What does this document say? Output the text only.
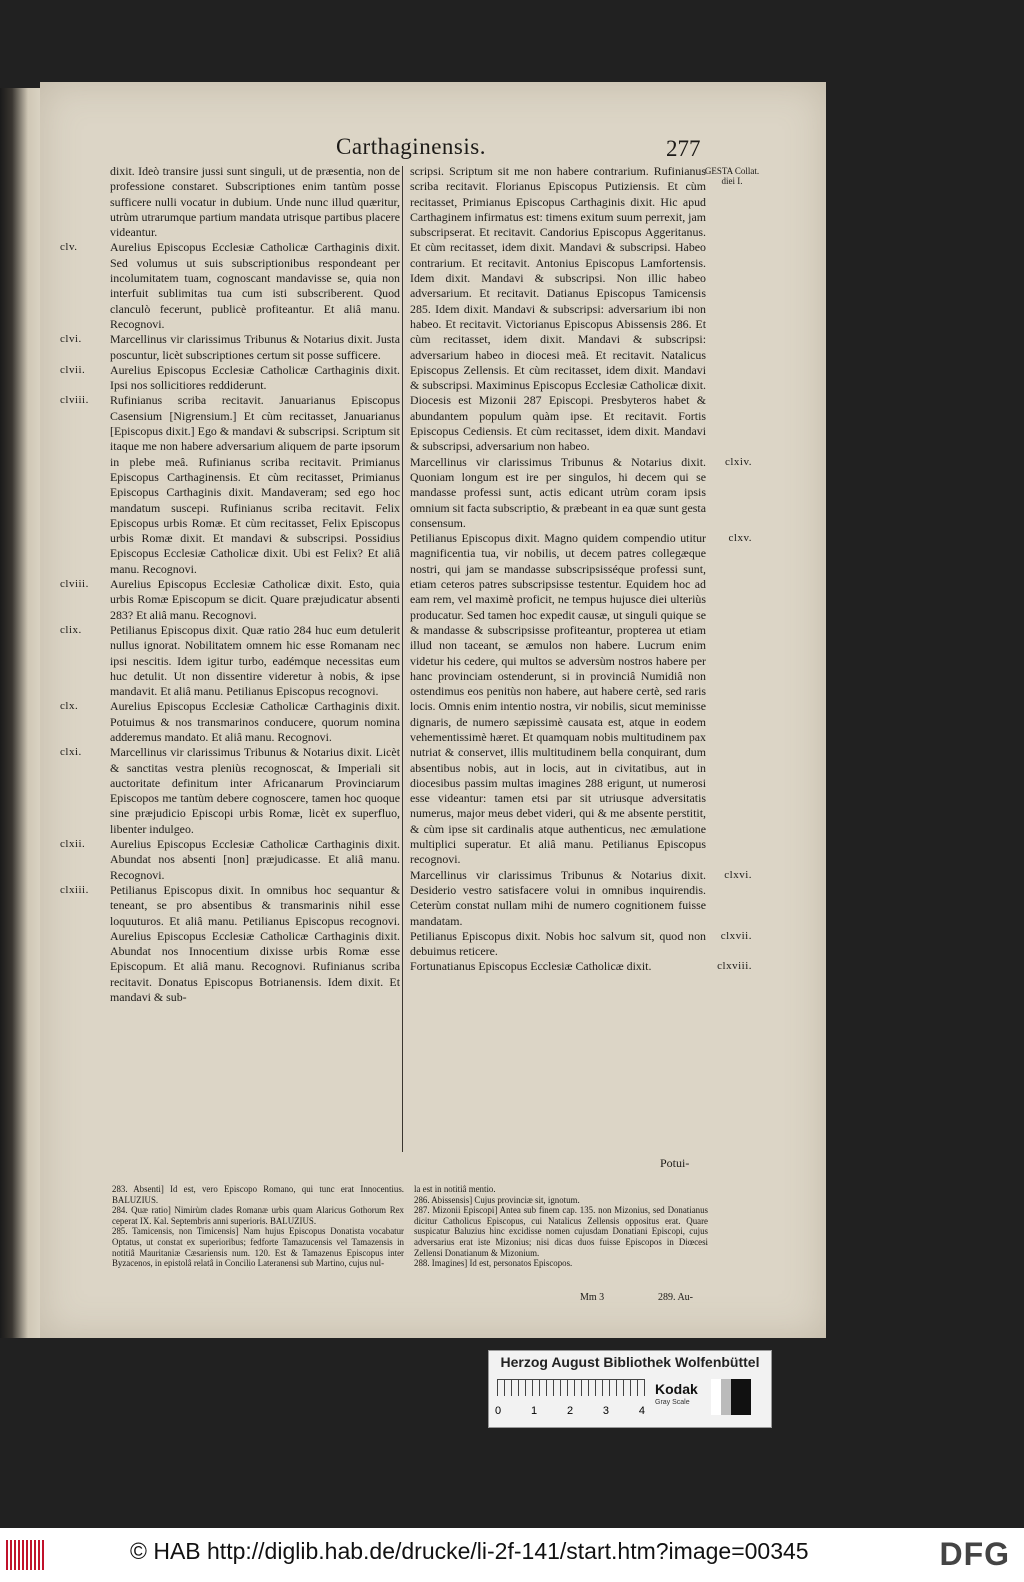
Carthaginensis.	277
GESTA Collat. diei I.

dixit. Ideò transire jussi sunt singuli, ut de præsentia, non de professione constaret. Subscriptiones enim tantùm posse sufficere nulli vocatur in dubium. Unde nunc illud quæritur, utrùm utrarumque partium mandata utrisque partibus placere videantur.

clv.	Aurelius Episcopus Ecclesiæ Catholicæ Carthaginis dixit. Sed volumus ut suis subscriptionibus respondeant per incolumitatem tuam, cognoscant mandavisse se, quia non interfuit sublimitas tua cum isti subscriberent. Quod clanculò fecerunt, publicè profiteantur. Et aliâ manu. Recognovi.

clvi. Marcellinus vir clarissimus Tribunus & Notarius dixit. Justa poscuntur, licèt subscriptiones certum sit posse sufficere.

clvii. Aurelius Episcopus Ecclesiæ Catholicæ Carthaginis dixit. Ipsi nos sollicitiores reddiderunt.

clviii. Rufinianus scriba recitavit. Januarianus Episcopus Casensium [Nigrensium.] Et cùm recitasset, Januarianus [Episcopus dixit.] Ego & mandavi & subscripsi. Scriptum sit itaque me non habere adversarium aliquem de parte ipsorum in plebe meâ. Rufinianus scriba recitavit. Primianus Episcopus Carthaginensis. Et cùm recitasset, Primianus Episcopus Carthaginis dixit. Mandaveram; sed ego hoc mandatum suscepi. Rufinianus scriba recitavit. Felix Episcopus urbis Romæ. Et cùm recitasset, Felix Episcopus urbis Romæ dixit. Et mandavi & subscripsi. Possidius Episcopus Ecclesiæ Catholicæ dixit. Ubi est Felix? Et aliâ manu. Recognovi.

clviii. Aurelius Episcopus Ecclesiæ Catholicæ dixit. Esto, quia urbis Romæ Episcopum se dicit. Quare præjudicatur absenti 283? Et aliâ manu. Recognovi.

clix. Petilianus Episcopus dixit. Quæ ratio 284 huc eum detulerit nullus ignorat. Nobilitatem omnem hic esse Romanam nec ipsi nescitis. Idem igitur turbo, eadémque necessitas eum huc detulit. Ut non dissentire videretur à nobis, & ipse mandavit. Et aliâ manu. Petilianus Episcopus recognovi.

clx.	Aurelius Episcopus Ecclesiæ Catholicæ Carthaginis dixit. Potuimus & nos transmarinos conducere, quorum nomina adderemus mandato. Et aliâ manu. Recognovi.

clxi. Marcellinus vir clarissimus Tribunus & Notarius dixit. Licèt & sanctitas vestra pleniùs recognoscat, & Imperiali sit auctoritate definitum inter Africanarum Provinciarum Episcopos me tantùm debere cognoscere, tamen hoc quoque sine præjudicio Episcopi urbis Romæ, licèt ex superfluo, libenter indulgeo.

clxii. Aurelius Episcopus Ecclesiæ Catholicæ Carthaginis dixit. Abundat nos absenti [non] præjudicasse. Et aliâ manu. Recognovi.

clxiii. Petilianus Episcopus dixit. In omnibus hoc sequantur & teneant, se pro absentibus & transmarinis nihil esse loquuturos. Et aliâ manu. Petilianus Episcopus recognovi. Aurelius Episcopus Ecclesiæ Catholicæ Carthaginis dixit. Abundat nos Innocentium dixisse urbis Romæ esse Episcopum. Et aliâ manu. Recognovi. Rufinianus scriba recitavit. Donatus Episcopus Botrianensis. Idem dixit. Et mandavi & sub-

scripsi. Scriptum sit me non habere contrarium. Rufinianus scriba recitavit. Florianus Episcopus Putiziensis. Et cùm recitasset, Primianus Episcopus Carthaginis dixit. Hic apud Carthaginem infirmatus est: timens exitum suum perrexit, jam subscripserat. Et recitavit. Candorius Episcopus Aggeritanus. Et cùm recitasset, idem dixit. Mandavi & subscripsi. Habeo contrarium. Et recitavit. Antonius Episcopus Lamfortensis. Idem dixit. Mandavi & subscripsi. Non illic habeo adversarium. Et recitavit. Datianus Episcopus Tamicensis 285. Idem dixit. Mandavi & subscripsi: adversarium ibi non habeo. Et recitavit. Victorianus Episcopus Abissensis 286. Et cùm recitasset, idem dixit. Mandavi & subscripsi: adversarium habeo in diocesi meâ. Et recitavit. Natalicus Episcopus Zellensis. Et cùm recitasset, idem dixit. Mandavi & subscripsi. Maximinus Episcopus Ecclesiæ Catholicæ dixit. Diocesis est Mizonii 287 Episcopi. Presbyteros habet & abundantem populum quàm ipse. Et recitavit. Fortis Episcopus Cediensis. Et cùm recitasset, idem dixit. Mandavi & subscripsi, adversarium non habeo.

clxiv.
Marcellinus vir clarissimus Tribunus & Notarius dixit. Quoniam longum est ire per singulos, hi decem qui se mandasse professi sunt, actis edicant utrùm coram ipsis omnium sit facta subscriptio, & præbeant in ea quæ sunt gesta consensum.

clxv.
Petilianus Episcopus dixit. Magno quidem compendio utitur magnificentia tua, vir nobilis, ut decem patres collegæque nostri, qui jam se mandasse subscripsisséque professi sunt, etiam ceteros patres subscripsisse testentur. Equidem hoc ad eam rem, vel maximè proficit, ne tempus hujusce diei ulteriùs producatur. Sed tamen hoc expedit causæ, ut singuli quique se & mandasse & subscripsisse profiteantur, propterea ut etiam illud non taceant, se æmulos non habere. Lucrum enim videtur his cedere, qui multos se adversùm nostros habere per hanc provinciam ostenderunt, si in provinciâ Numidiâ non ostendimus eos penitùs non habere, aut habere certè, sed raris locis. Omnis enim intentio nostra, vir nobilis, sicut meminisse dignaris, de numero sæpissimè causata est, atque in eodem vehementissimè hæret. Et quamquam nobis multitudinem pax nutriat & conservet, illis multitudinem bella conquirant, dum absentibus nobis, aut in locis, aut in civitatibus, aut in diocesibus passim multas imagines 288 erigunt, ut numerosi esse videantur: tamen etsi par sit utriusque adversitatis numerus, major meus debet videri, qui & me absente perstitit, & cùm ipse sit cardinalis atque authenticus, nec æmulatione multiplici superatur. Et aliâ manu. Petilianus Episcopus recognovi.

clxvi.
Marcellinus vir clarissimus Tribunus & Notarius dixit. Desiderio vestro satisfacere volui in omnibus inquirendis. Ceterùm constat nullam mihi de numero cognitionem fuisse mandatam.

clxvii.
Petilianus Episcopus dixit. Nobis hoc salvum sit, quod non debuimus reticere.

clxviii.
Fortunatianus Episcopus Ecclesiæ Catholicæ dixit.

Potui-

283. Absenti] Id est, vero Episcopo Romano, qui tunc erat Innocentius. BALUZIUS.

284. Quæ ratio] Nimirùm clades Romanæ urbis quam Alaricus Gothorum Rex ceperat IX. Kal. Septembris anni superioris. BALUZIUS.

285. Tamicensis, non Timicensis] Nam hujus Episcopus Donatista vocabatur Optatus, ut constat ex superioribus; fedforte Tamazucensis vel Tamazensis in notitiâ Mauritaniæ Cæsariensis num. 120. Est & Tamazenus Episcopus inter Byzacenos, in epistolâ relatâ in Concilio Lateranensi sub Martino, cujus nul-

la est in notitiâ mentio.

286. Abissensis] Cujus provinciæ sit, ignotum.

287. Mizonii Episcopi] Antea sub finem cap. 135. non Mizonius, sed Donatianus dicitur Catholicus Episcopus, cui Natalicus Zellensis oppositus erat. Quare suspicatur Baluzius hinc excidisse nomen cujusdam Donatiani Episcopi, cujus adversarius erat iste Mizonius; nisi dicas duos fuisse Episcopos in Diœcesi Zellensi Donatianum & Mizonium.

288. Imagines] Id est, personatos Episcopos.

Mm 3	289. Au-
Herzog August Bibliothek Wolfenbüttel
0	1	2	3	4
Kodak
Gray Scale
© HAB http://diglib.hab.de/drucke/li-2f-141/start.htm?image=00345	DFG
